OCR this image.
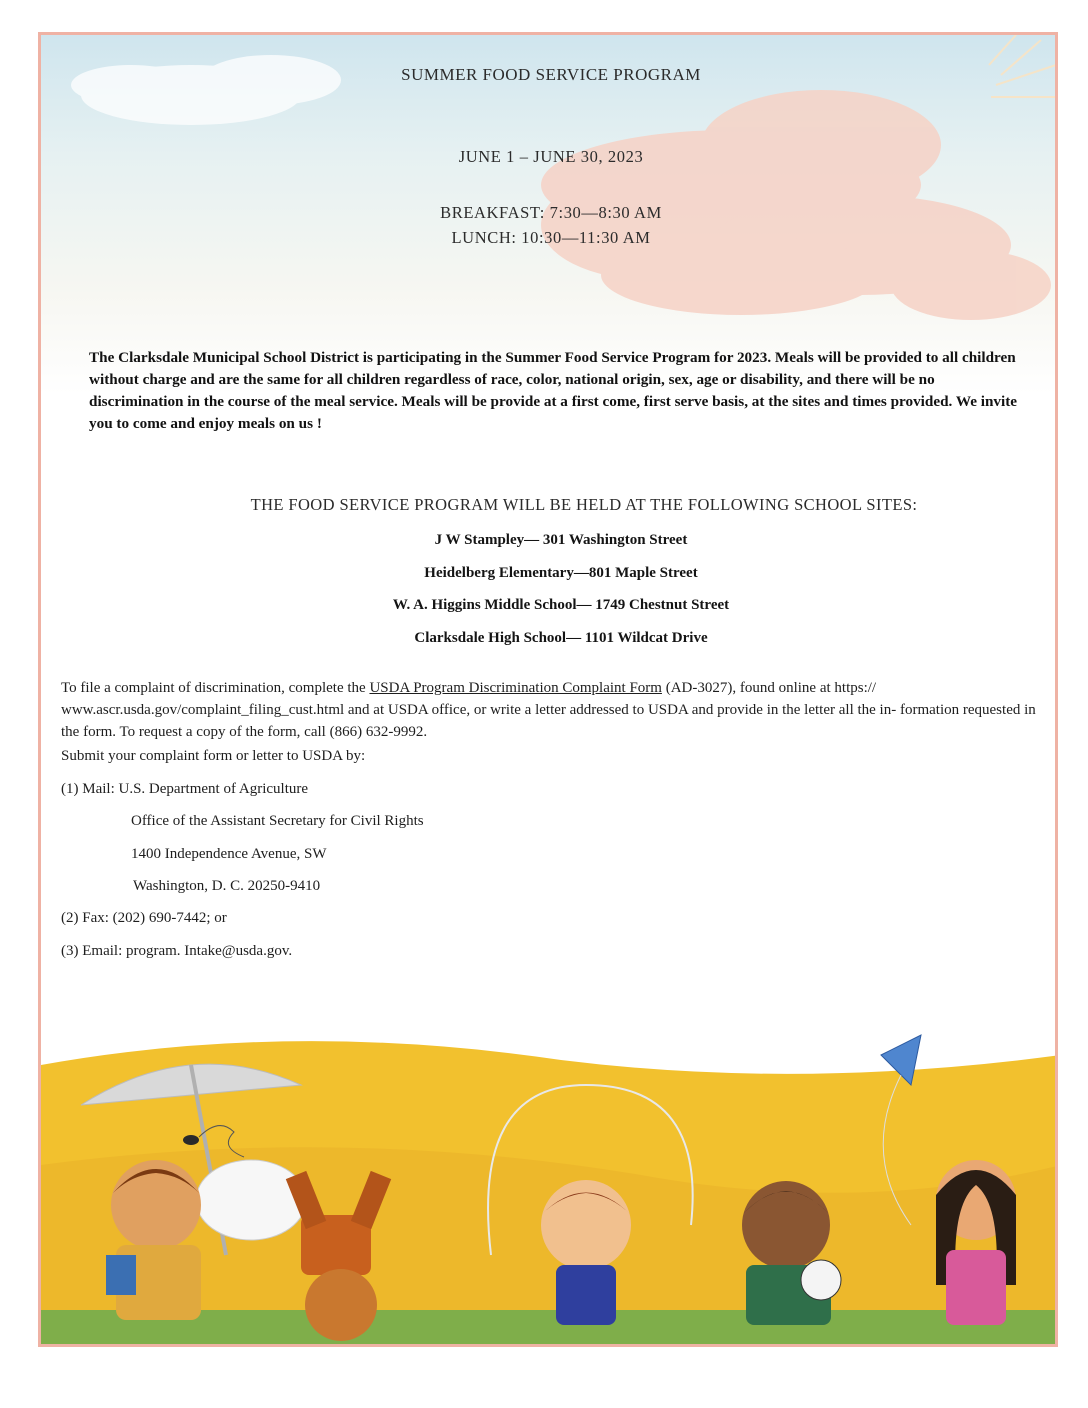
SUMMER FOOD SERVICE PROGRAM
JUNE 1 – JUNE 30, 2023
BREAKFAST: 7:30—8:30 AM
LUNCH: 10:30—11:30 AM
The Clarksdale Municipal School District is participating in the Summer Food Service Program for 2023. Meals will be provided to all children without charge and are the same for all children regardless of race, color, national origin, sex, age or disability, and there will be no discrimination in the course of the meal service. Meals will be provide at a first come, first serve basis, at the sites and times provided. We invite you to come and enjoy meals on us !
THE FOOD SERVICE PROGRAM WILL BE HELD AT THE FOLLOWING SCHOOL SITES:
J W Stampley— 301 Washington Street
Heidelberg Elementary—801 Maple Street
W. A. Higgins Middle School— 1749 Chestnut Street
Clarksdale High School— 1101 Wildcat Drive
To file a complaint of discrimination, complete the USDA Program Discrimination Complaint Form (AD-3027), found online at https:// www.ascr.usda.gov/complaint_filing_cust.html and at USDA office, or write a letter addressed to USDA and provide in the letter all the in- formation requested in the form. To request a copy of the form, call (866) 632-9992.
Submit your complaint form or letter to USDA by:
(1) Mail: U.S. Department of Agriculture
Office of the Assistant Secretary for Civil Rights
1400 Independence Avenue, SW
Washington, D. C. 20250-9410
(2) Fax: (202) 690-7442; or
(3) Email: program. Intake@usda.gov.
